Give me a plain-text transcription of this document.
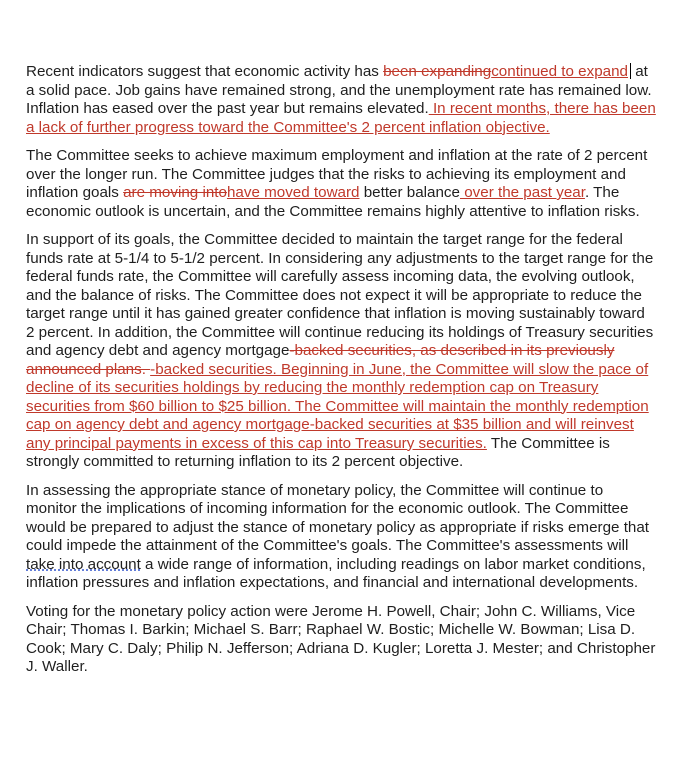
Recent indicators suggest that economic activity has been expandingcontinued to expand at a solid pace. Job gains have remained strong, and the unemployment rate has remained low. Inflation has eased over the past year but remains elevated. In recent months, there has been a lack of further progress toward the Committee's 2 percent inflation objective.

The Committee seeks to achieve maximum employment and inflation at the rate of 2 percent over the longer run. The Committee judges that the risks to achieving its employment and inflation goals are moving intohave moved toward better balance over the past year. The economic outlook is uncertain, and the Committee remains highly attentive to inflation risks.

In support of its goals, the Committee decided to maintain the target range for the federal funds rate at 5-1/4 to 5-1/2 percent. In considering any adjustments to the target range for the federal funds rate, the Committee will carefully assess incoming data, the evolving outlook, and the balance of risks. The Committee does not expect it will be appropriate to reduce the target range until it has gained greater confidence that inflation is moving sustainably toward 2 percent. In addition, the Committee will continue reducing its holdings of Treasury securities and agency debt and agency mortgage-backed securities, as described in its previously announced plans. -backed securities. Beginning in June, the Committee will slow the pace of decline of its securities holdings by reducing the monthly redemption cap on Treasury securities from $60 billion to $25 billion. The Committee will maintain the monthly redemption cap on agency debt and agency mortgage-backed securities at $35 billion and will reinvest any principal payments in excess of this cap into Treasury securities. The Committee is strongly committed to returning inflation to its 2 percent objective.

In assessing the appropriate stance of monetary policy, the Committee will continue to monitor the implications of incoming information for the economic outlook. The Committee would be prepared to adjust the stance of monetary policy as appropriate if risks emerge that could impede the attainment of the Committee's goals. The Committee's assessments will take into account a wide range of information, including readings on labor market conditions, inflation pressures and inflation expectations, and financial and international developments.

Voting for the monetary policy action were Jerome H. Powell, Chair; John C. Williams, Vice Chair; Thomas I. Barkin; Michael S. Barr; Raphael W. Bostic; Michelle W. Bowman; Lisa D. Cook; Mary C. Daly; Philip N. Jefferson; Adriana D. Kugler; Loretta J. Mester; and Christopher J. Waller.
